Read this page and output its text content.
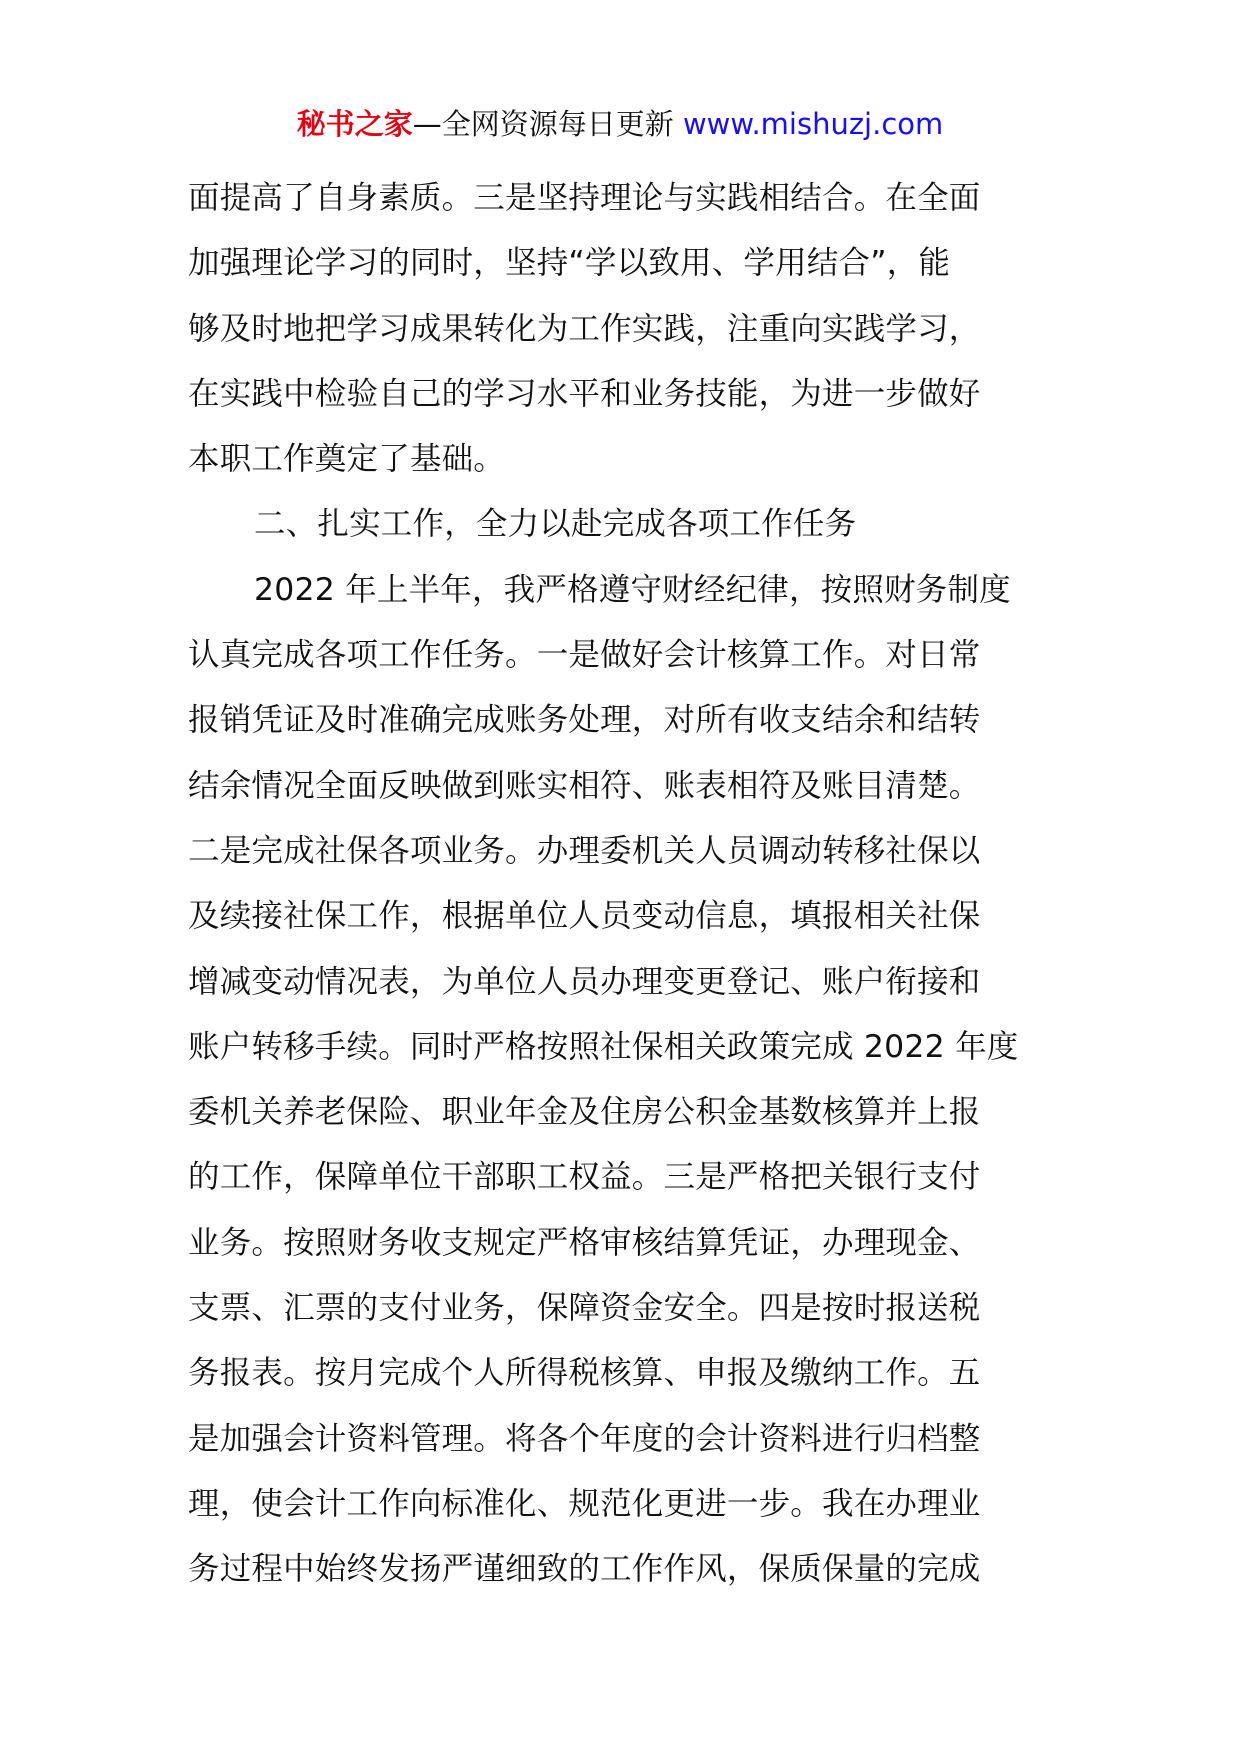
秘书之家—全网资源每日更新 www.mishuzj.com
面提高了自身素质。三是坚持理论与实践相结合。在全面
加强理论学习的同时，坚持“学以致用、学用结合”，能
够及时地把学习成果转化为工作实践，注重向实践学习，
在实践中检验自己的学习水平和业务技能，为进一步做好
本职工作奠定了基础。
二、扎实工作，全力以赴完成各项工作任务
2022 年上半年，我严格遵守财经纪律，按照财务制度
认真完成各项工作任务。一是做好会计核算工作。对日常
报销凭证及时准确完成账务处理，对所有收支结余和结转
结余情况全面反映做到账实相符、账表相符及账目清楚。
二是完成社保各项业务。办理委机关人员调动转移社保以
及续接社保工作，根据单位人员变动信息，填报相关社保
增减变动情况表，为单位人员办理变更登记、账户衔接和
账户转移手续。同时严格按照社保相关政策完成 2022 年度
委机关养老保险、职业年金及住房公积金基数核算并上报
的工作，保障单位干部职工权益。三是严格把关银行支付
业务。按照财务收支规定严格审核结算凭证，办理现金、
支票、汇票的支付业务，保障资金安全。四是按时报送税
务报表。按月完成个人所得税核算、申报及缴纳工作。五
是加强会计资料管理。将各个年度的会计资料进行归档整
理，使会计工作向标准化、规范化更进一步。我在办理业
务过程中始终发扬严谨细致的工作作风，保质保量的完成
